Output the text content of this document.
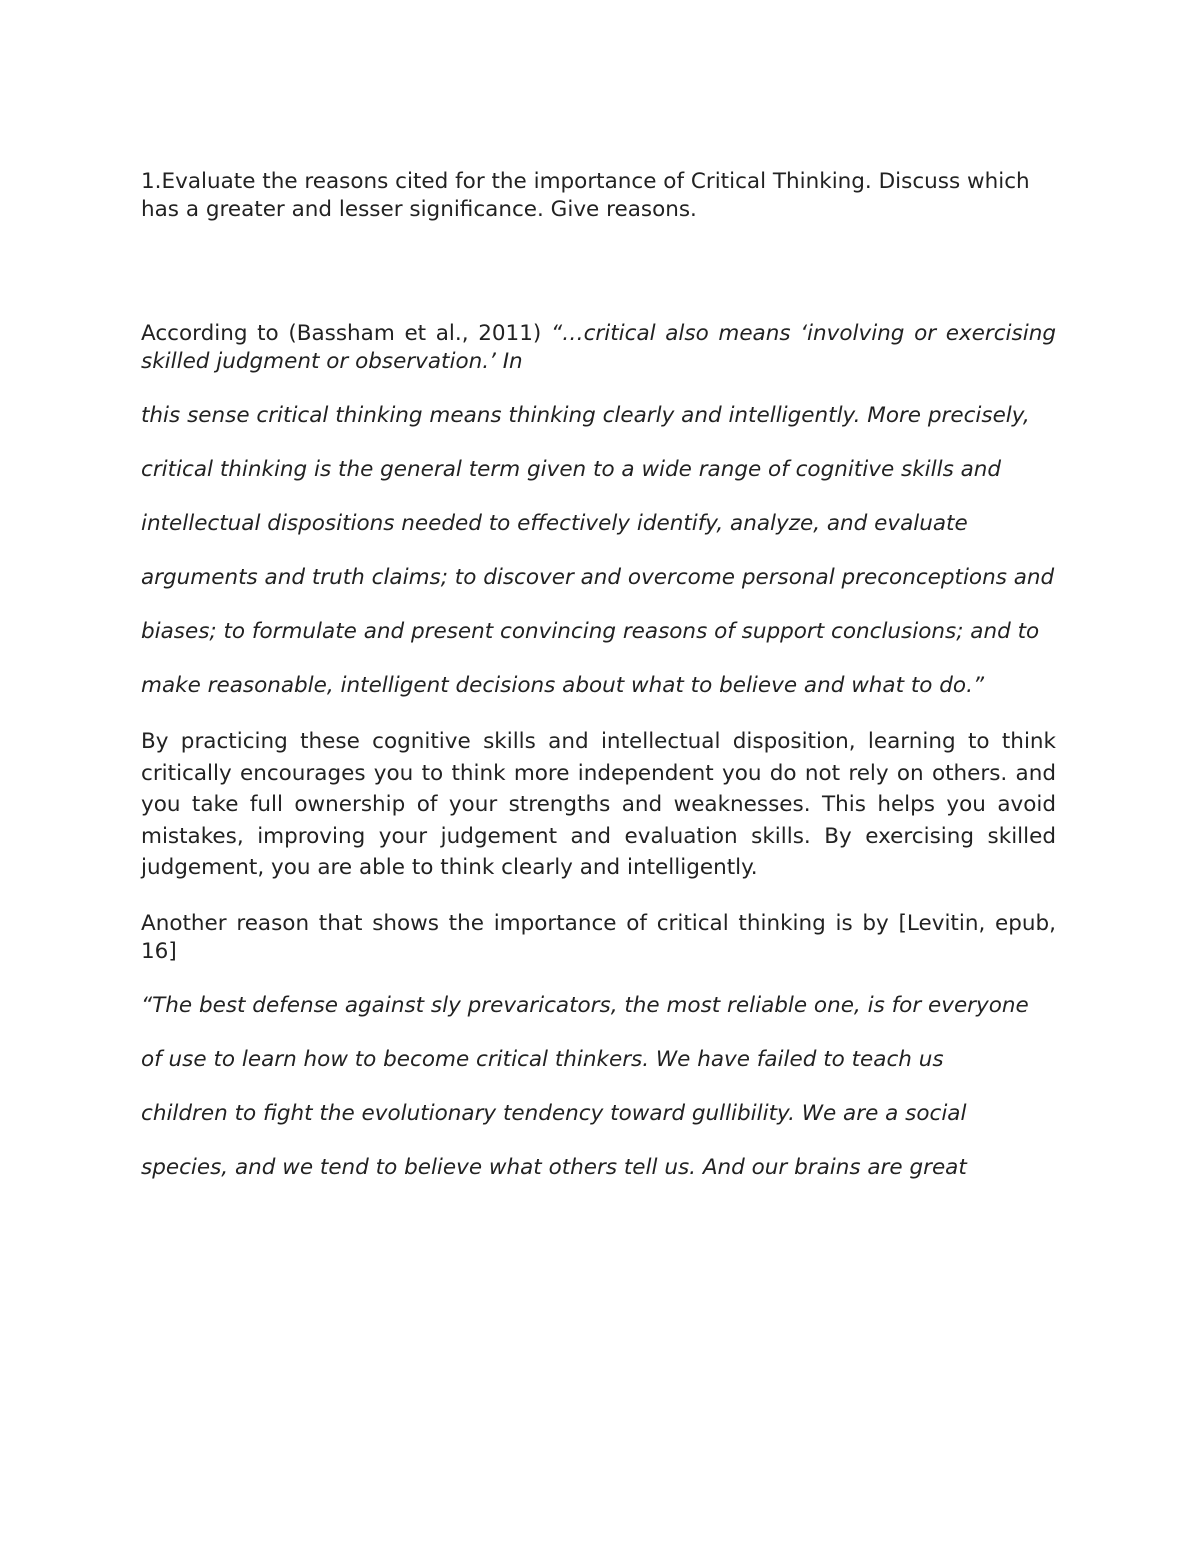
1.Evaluate the reasons cited for the importance of Critical Thinking. Discuss which has a greater and lesser significance. Give reasons.

According to (Bassham et al., 2011) “…critical also means ‘involving or exercising skilled judgment or observation.’ In

this sense critical thinking means thinking clearly and intelligently. More precisely,

critical thinking is the general term given to a wide range of cognitive skills and

intellectual dispositions needed to effectively identify, analyze, and evaluate

arguments and truth claims; to discover and overcome personal preconceptions and

biases; to formulate and present convincing reasons of support conclusions; and to

make reasonable, intelligent decisions about what to believe and what to do.”

By practicing these cognitive skills and intellectual disposition, learning to think critically encourages you to think more independent you do not rely on others. and you take full ownership of your strengths and weaknesses. This helps you avoid mistakes, improving your judgement and evaluation skills. By exercising skilled judgement, you are able to think clearly and intelligently.

Another reason that shows the importance of critical thinking is by [Levitin, epub, 16]

“The best defense against sly prevaricators, the most reliable one, is for everyone

of use to learn how to become critical thinkers. We have failed to teach us

children to fight the evolutionary tendency toward gullibility. We are a social

species, and we tend to believe what others tell us. And our brains are great
